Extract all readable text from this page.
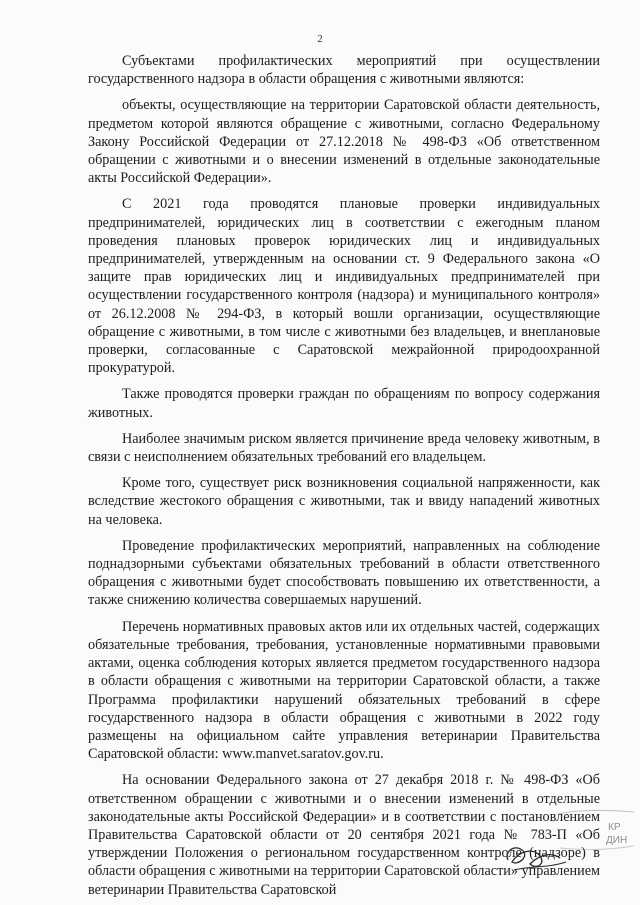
2

Субъектами профилактических мероприятий при осуществлении государственного надзора в области обращения с животными являются:

объекты, осуществляющие на территории Саратовской области деятельность, предметом которой являются обращение с животными, согласно Федеральному Закону Российской Федерации от 27.12.2018 № 498-ФЗ «Об ответственном обращении с животными и о внесении изменений в отдельные законодательные акты Российской Федерации».

С 2021 года проводятся плановые проверки индивидуальных предпринимателей, юридических лиц в соответствии с ежегодным планом проведения плановых проверок юридических лиц и индивидуальных предпринимателей, утвержденным на основании ст. 9 Федерального закона «О защите прав юридических лиц и индивидуальных предпринимателей при осуществлении государственного контроля (надзора) и муниципального контроля» от 26.12.2008 № 294-ФЗ, в который вошли организации, осуществляющие обращение с животными, в том числе с животными без владельцев, и внеплановые проверки, согласованные с Саратовской межрайонной природоохранной прокуратурой.

Также проводятся проверки граждан по обращениям по вопросу содержания животных.

Наиболее значимым риском является причинение вреда человеку животным, в связи с неисполнением обязательных требований его владельцем.

Кроме того, существует риск возникновения социальной напряженности, как вследствие жестокого обращения с животными, так и ввиду нападений животных на человека.

Проведение профилактических мероприятий, направленных на соблюдение поднадзорными субъектами обязательных требований в области ответственного обращения с животными будет способствовать повышению их ответственности, а также снижению количества совершаемых нарушений.

Перечень нормативных правовых актов или их отдельных частей, содержащих обязательные требования, требования, установленные нормативными правовыми актами, оценка соблюдения которых является предметом государственного надзора в области обращения с животными на территории Саратовской области, а также Программа профилактики нарушений обязательных требований в сфере государственного надзора в области обращения с животными в 2022 году размещены на официальном сайте управления ветеринарии Правительства Саратовской области: www.manvet.saratov.gov.ru.

На основании Федерального закона от 27 декабря 2018 г. № 498-ФЗ «Об ответственном обращении с животными и о внесении изменений в отдельные законодательные акты Российской Федерации» и в соответствии с постановлением Правительства Саратовской области от 20 сентября 2021 года № 783-П «Об утверждении Положения о региональном государственном контроле (надзоре) в области обращения с животными на территории Саратовской области» управлением ветеринарии Правительства Саратовской

КР
ДИН
